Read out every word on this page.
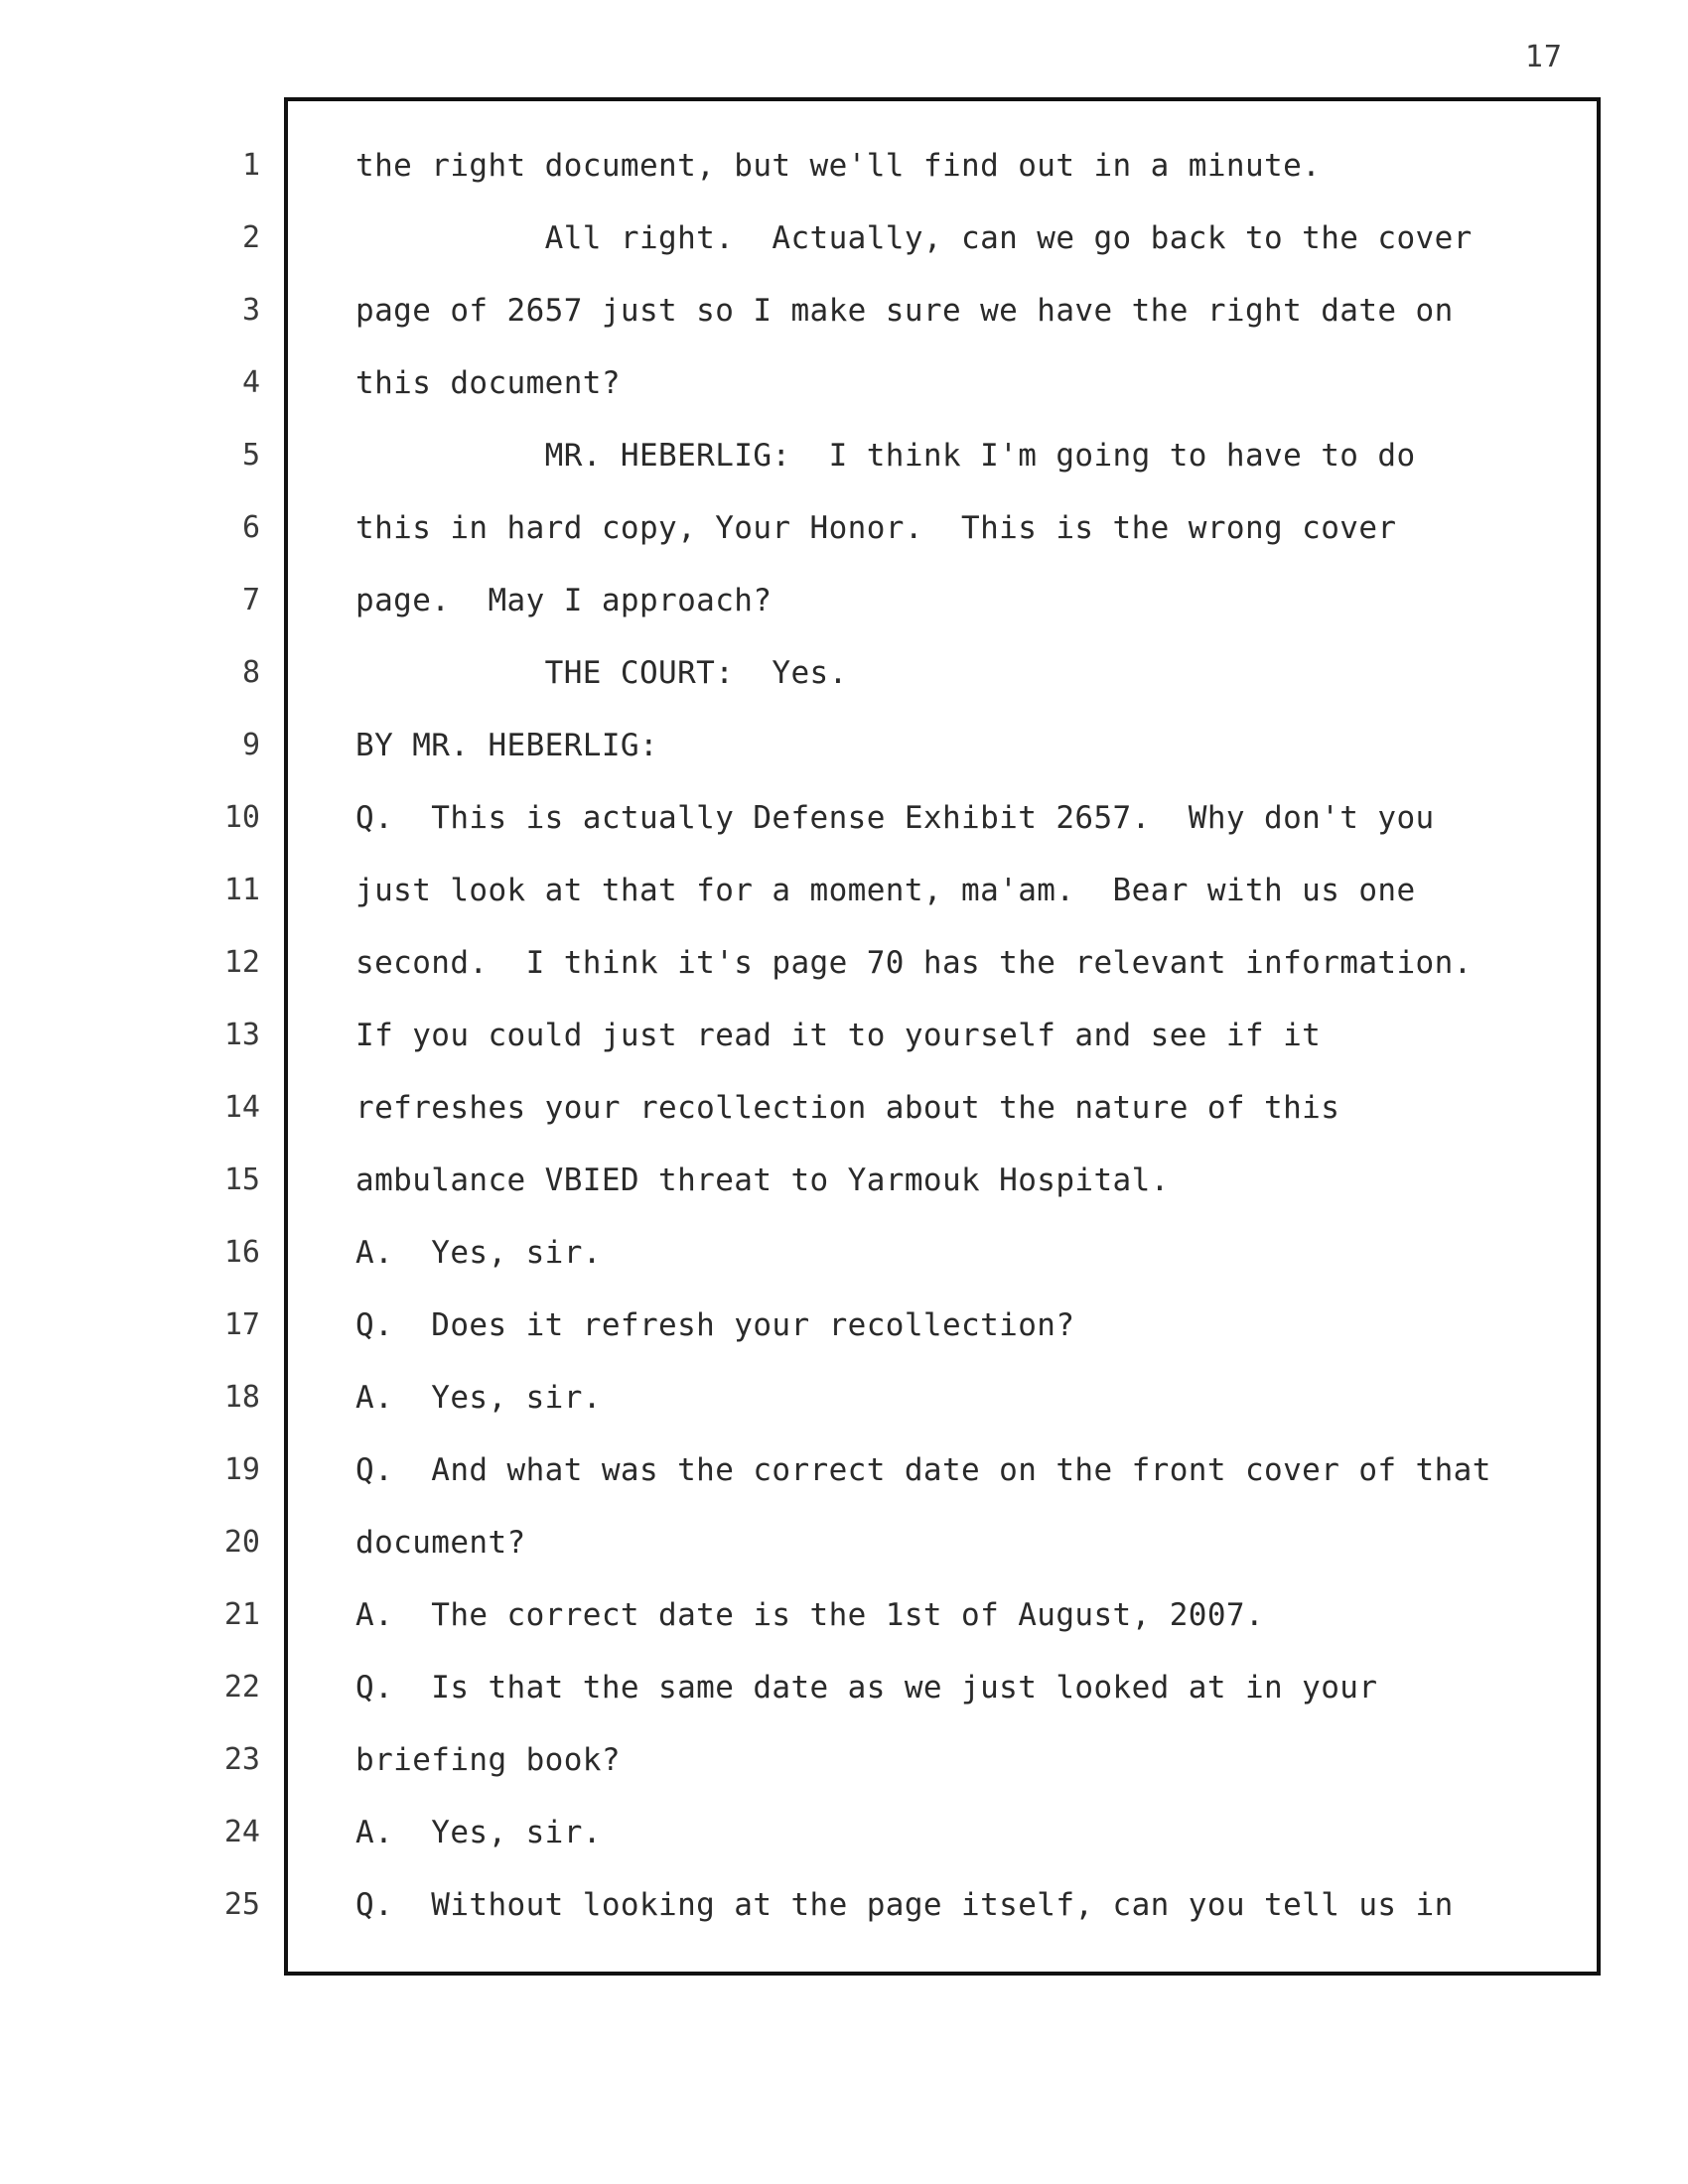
17
1
2
3
4
5
6
7
8
9
10
11
12
13
14
15
16
17
18
19
20
21
22
23
24
25
the right document, but we'll find out in a minute.
All right.  Actually, can we go back to the cover
page of 2657 just so I make sure we have the right date on
this document?
MR. HEBERLIG:  I think I'm going to have to do
this in hard copy, Your Honor.  This is the wrong cover
page.  May I approach?
THE COURT:  Yes.
BY MR. HEBERLIG:
Q.  This is actually Defense Exhibit 2657.  Why don't you
just look at that for a moment, ma'am.  Bear with us one
second.  I think it's page 70 has the relevant information.
If you could just read it to yourself and see if it
refreshes your recollection about the nature of this
ambulance VBIED threat to Yarmouk Hospital.
A.  Yes, sir.
Q.  Does it refresh your recollection?
A.  Yes, sir.
Q.  And what was the correct date on the front cover of that
document?
A.  The correct date is the 1st of August, 2007.
Q.  Is that the same date as we just looked at in your
briefing book?
A.  Yes, sir.
Q.  Without looking at the page itself, can you tell us in
